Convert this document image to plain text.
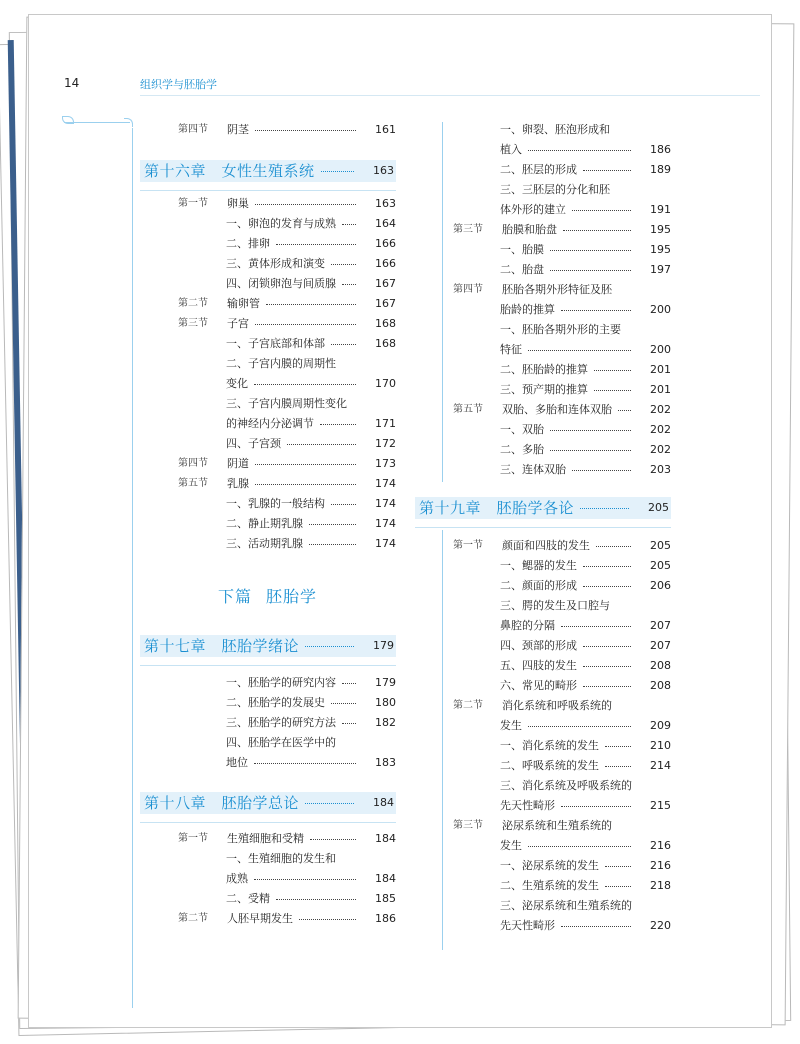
14	组织学与胚胎学
下篇 胚胎学
第四节 阴茎	161
第一节 卵巢	163
一、卵泡的发育与成熟	164
二、排卵	166
三、黄体形成和演变	166
四、闭锁卵泡与间质腺	167
第二节 输卵管	167
第三节 子宫	168
一、子宫底部和体部	168
二、子宫内膜的周期性
变化	170
三、子宫内膜周期性变化
的神经内分泌调节	171
四、子宫颈	172
第四节 阴道	173
第五节 乳腺	174
一、乳腺的一般结构	174
二、静止期乳腺	174
三、活动期乳腺	174
一、胚胎学的研究内容	179
二、胚胎学的发展史	180
三、胚胎学的研究方法	182
四、胚胎学在医学中的
地位	183
第一节 生殖细胞和受精	184
一、生殖细胞的发生和
成熟	184
二、受精	185
第二节 人胚早期发生	186
一、卵裂、胚泡形成和
植入	186
二、胚层的形成	189
三、三胚层的分化和胚
体外形的建立	191
第三节 胎膜和胎盘	195
一、胎膜	195
二、胎盘	197
第四节 胚胎各期外形特征及胚
胎龄的推算	200
一、胚胎各期外形的主要
特征	200
二、胚胎龄的推算	201
三、预产期的推算	201
第五节 双胎、多胎和连体双胎	202
一、双胎	202
二、多胎	202
三、连体双胎	203
第一节 颜面和四肢的发生	205
一、鳃器的发生	205
二、颜面的形成	206
三、腭的发生及口腔与
鼻腔的分隔	207
四、颈部的形成	207
五、四肢的发生	208
六、常见的畸形	208
第二节 消化系统和呼吸系统的
发生	209
一、消化系统的发生	210
二、呼吸系统的发生	214
三、消化系统及呼吸系统的
先天性畸形	215
第三节 泌尿系统和生殖系统的
发生	216
一、泌尿系统的发生	216
二、生殖系统的发生	218
三、泌尿系统和生殖系统的
先天性畸形	220
第十六章　女性生殖系统	163
第十七章　胚胎学绪论	179
第十八章　胚胎学总论	184
第十九章　胚胎学各论	205
